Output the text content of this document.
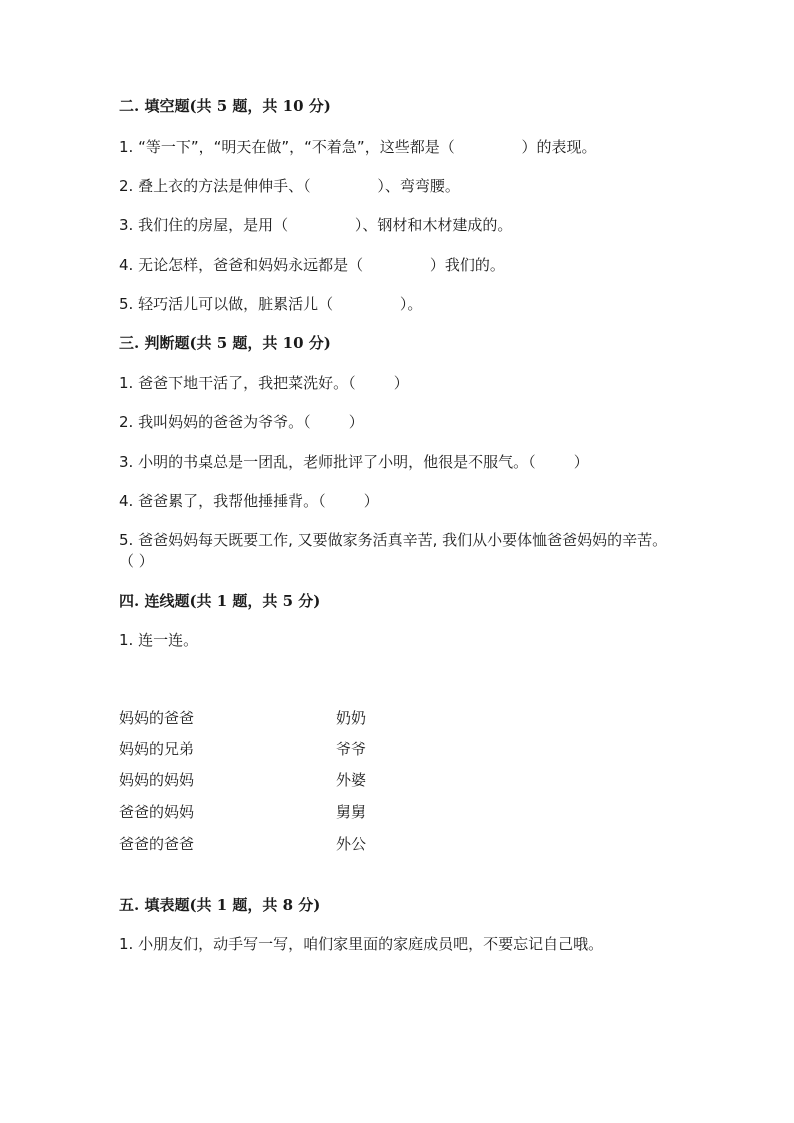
二. 填空题(共 5 题，共 10 分)
1. “等一下”，“明天在做”，“不着急”，这些都是（              ）的表现。
2. 叠上衣的方法是伸伸手、（              ）、弯弯腰。
3. 我们住的房屋，是用（              ）、钢材和木材建成的。
4. 无论怎样，爸爸和妈妈永远都是（              ）我们的。
5. 轻巧活儿可以做，脏累活儿（              ）。
三. 判断题(共 5 题，共 10 分)
1. 爸爸下地干活了，我把菜洗好。（        ）
2. 我叫妈妈的爸爸为爷爷。（        ）
3. 小明的书桌总是一团乱，老师批评了小明，他很是不服气。（        ）
4. 爸爸累了，我帮他捶捶背。（        ）
5. 爸爸妈妈每天既要工作, 又要做家务活真辛苦, 我们从小要体恤爸爸妈妈的辛苦。（ ）
四. 连线题(共 1 题，共 5 分)
1. 连一连。
妈妈的爸爸
妈妈的兄弟
妈妈的妈妈
爸爸的妈妈
爸爸的爸爸
奶奶
爷爷
外婆
舅舅
外公
五. 填表题(共 1 题，共 8 分)
1. 小朋友们，动手写一写，咱们家里面的家庭成员吧，不要忘记自己哦。
